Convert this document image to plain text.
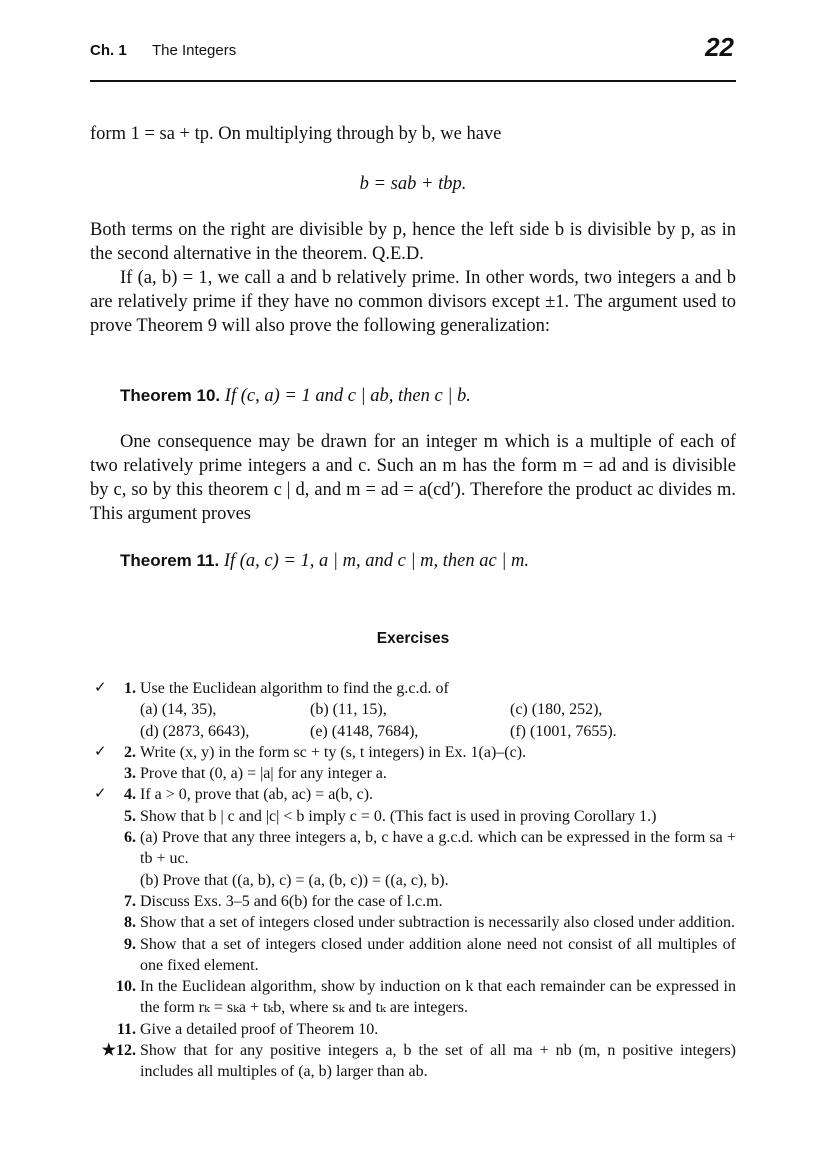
Ch. 1 The Integers	22

form 1 = sa + tp. On multiplying through by b, we have

b = sab + tbp.

Both terms on the right are divisible by p, hence the left side b is divisible by p, as in the second alternative in the theorem. Q.E.D.

If (a, b) = 1, we call a and b relatively prime. In other words, two integers a and b are relatively prime if they have no common divisors except ±1. The argument used to prove Theorem 9 will also prove the following generalization:

Theorem 10. If (c, a) = 1 and c | ab, then c | b.

One consequence may be drawn for an integer m which is a multiple of each of two relatively prime integers a and c. Such an m has the form m = ad and is divisible by c, so by this theorem c | d, and m = ad = a(cd′). Therefore the product ac divides m. This argument proves

Theorem 11. If (a, c) = 1, a | m, and c | m, then ac | m.
Exercises
✓	1. Use the Euclidean algorithm to find the g.c.d. of
(a) (14, 35),	(b) (11, 15),	(c) (180, 252),
(d) (2873, 6643),	(e) (4148, 7684),	(f) (1001, 7655).
✓	2. Write (x, y) in the form sc + ty (s, t integers) in Ex. 1(a)–(c).
3. Prove that (0, a) = |a| for any integer a.
✓	4. If a > 0, prove that (ab, ac) = a(b, c).
5. Show that b | c and |c| < b imply c = 0. (This fact is used in proving Corollary 1.)
6. (a) Prove that any three integers a, b, c have a g.c.d. which can be expressed in the form sa + tb + uc.
(b) Prove that ((a, b), c) = (a, (b, c)) = ((a, c), b).
7. Discuss Exs. 3–5 and 6(b) for the case of l.c.m.
8. Show that a set of integers closed under subtraction is necessarily also closed under addition.
9. Show that a set of integers closed under addition alone need not consist of all multiples of one fixed element.
10. In the Euclidean algorithm, show by induction on k that each remainder can be expressed in the form rₖ = sₖa + tₖb, where sₖ and tₖ are integers.
11. Give a detailed proof of Theorem 10.
★12. Show that for any positive integers a, b the set of all ma + nb (m, n positive integers) includes all multiples of (a, b) larger than ab.
